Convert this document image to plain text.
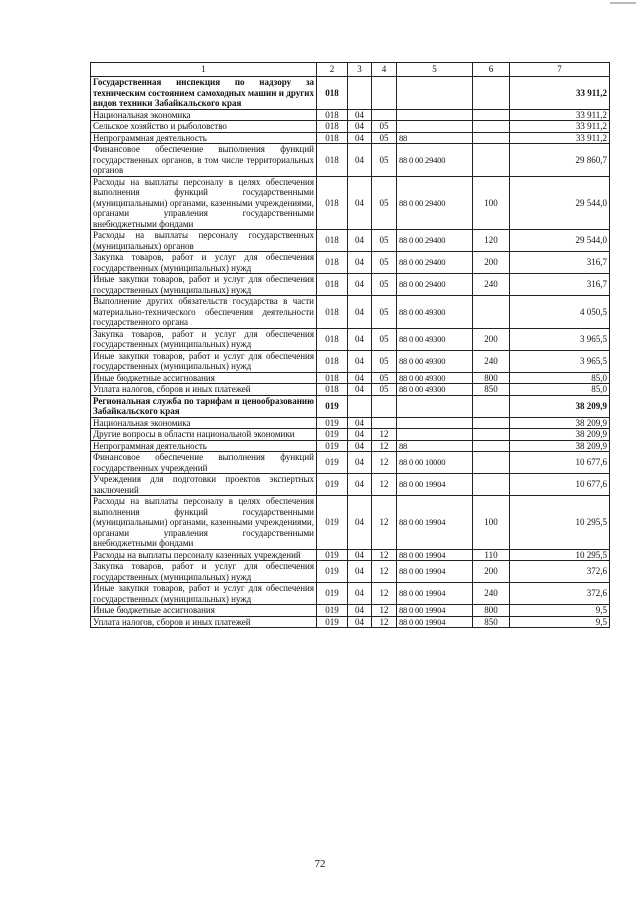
1	2	3	4	5	6	7
Государственная инспекция по надзору за техническим состоянием самоходных машин и других видов техники Забайкальского края	018					33 911,2
Национальная экономика	018	04				33 911,2
Сельское хозяйство и рыболовство	018	04	05			33 911,2
Непрограммная деятельность	018	04	05	88		33 911,2
Финансовое обеспечение выполнения функций государственных органов, в том числе территориальных органов	018	04	05	88 0 00 29400		29 860,7
Расходы на выплаты персоналу в целях обеспечения выполнения функций государственными (муниципальными) органами, казенными учреждениями, органами управления государственными внебюджетными фондами	018	04	05	88 0 00 29400	100	29 544,0
Расходы на выплаты персоналу государственных (муниципальных) органов	018	04	05	88 0 00 29400	120	29 544,0
Закупка товаров, работ и услуг для обеспечения государственных (муниципальных) нужд	018	04	05	88 0 00 29400	200	316,7
Иные закупки товаров, работ и услуг для обеспечения государственных (муниципальных) нужд	018	04	05	88 0 00 29400	240	316,7
Выполнение других обязательств государства в части материально-технического обеспечения деятельности государственного органа	018	04	05	88 0 00 49300		4 050,5
Закупка товаров, работ и услуг для обеспечения государственных (муниципальных) нужд	018	04	05	88 0 00 49300	200	3 965,5
Иные закупки товаров, работ и услуг для обеспечения государственных (муниципальных) нужд	018	04	05	88 0 00 49300	240	3 965,5
Иные бюджетные ассигнования	018	04	05	88 0 00 49300	800	85,0
Уплата налогов, сборов и иных платежей	018	04	05	88 0 00 49300	850	85,0
Региональная служба по тарифам и ценообразованию Забайкальского края	019					38 209,9
Национальная экономика	019	04				38 209,9
Другие вопросы в области национальной экономики	019	04	12			38 209,9
Непрограммная деятельность	019	04	12	88		38 209,9
Финансовое обеспечение выполнения функций государственных учреждений	019	04	12	88 0 00 10000		10 677,6
Учреждения для подготовки проектов экспертных заключений	019	04	12	88 0 00 19904		10 677,6
Расходы на выплаты персоналу в целях обеспечения выполнения функций государственными (муниципальными) органами, казенными учреждениями, органами управления государственными внебюджетными фондами	019	04	12	88 0 00 19904	100	10 295,5
Расходы на выплаты персоналу казенных учреждений	019	04	12	88 0 00 19904	110	10 295,5
Закупка товаров, работ и услуг для обеспечения государственных (муниципальных) нужд	019	04	12	88 0 00 19904	200	372,6
Иные закупки товаров, работ и услуг для обеспечения государственных (муниципальных) нужд	019	04	12	88 0 00 19904	240	372,6
Иные бюджетные ассигнования	019	04	12	88 0 00 19904	800	9,5
Уплата налогов, сборов и иных платежей	019	04	12	88 0 00 19904	850	9,5
72
